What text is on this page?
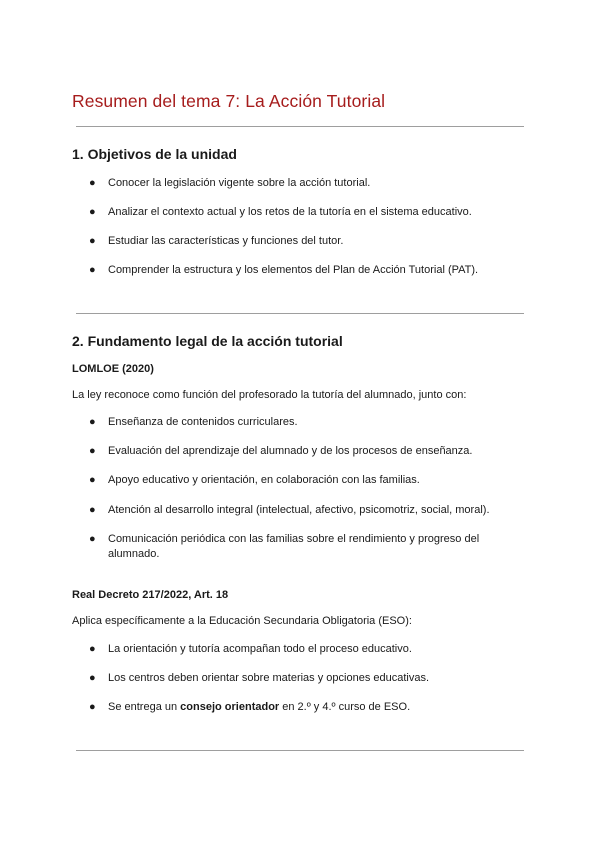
Resumen del tema 7: La Acción Tutorial
1. Objetivos de la unidad
● Conocer la legislación vigente sobre la acción tutorial.
● Analizar el contexto actual y los retos de la tutoría en el sistema educativo.
● Estudiar las características y funciones del tutor.
● Comprender la estructura y los elementos del Plan de Acción Tutorial (PAT).
2. Fundamento legal de la acción tutorial
LOMLOE (2020)

La ley reconoce como función del profesorado la tutoría del alumnado, junto con:

● Enseñanza de contenidos curriculares.
● Evaluación del aprendizaje del alumnado y de los procesos de enseñanza.
● Apoyo educativo y orientación, en colaboración con las familias.
● Atención al desarrollo integral (intelectual, afectivo, psicomotriz, social, moral).
● Comunicación periódica con las familias sobre el rendimiento y progreso del alumnado.
Real Decreto 217/2022, Art. 18

Aplica específicamente a la Educación Secundaria Obligatoria (ESO):

● La orientación y tutoría acompañan todo el proceso educativo.
● Los centros deben orientar sobre materias y opciones educativas.
● Se entrega un consejo orientador en 2.º y 4.º curso de ESO.
